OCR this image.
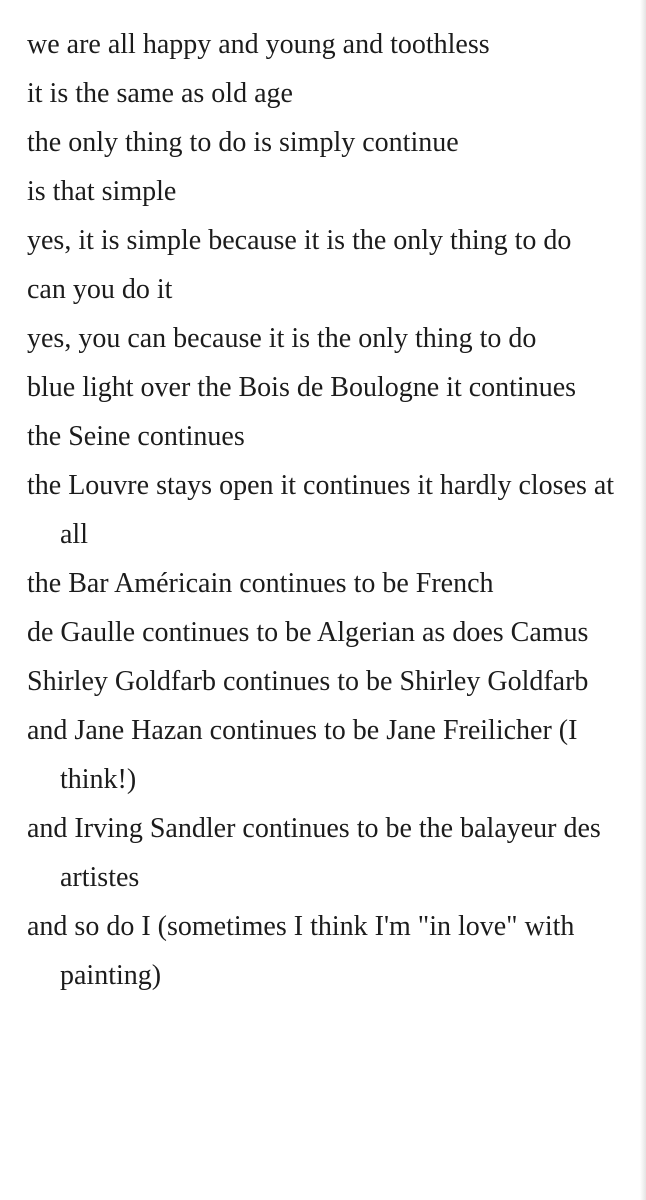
we are all happy and young and toothless
it is the same as old age
the only thing to do is simply continue
is that simple
yes, it is simple because it is the only thing to do
can you do it
yes, you can because it is the only thing to do
blue light over the Bois de Boulogne it continues
the Seine continues
the Louvre stays open it continues it hardly closes at all
the Bar Américain continues to be French
de Gaulle continues to be Algerian as does Camus
Shirley Goldfarb continues to be Shirley Goldfarb
and Jane Hazan continues to be Jane Freilicher (I think!)
and Irving Sandler continues to be the balayeur des artistes
and so do I (sometimes I think I'm "in love" with painting)
